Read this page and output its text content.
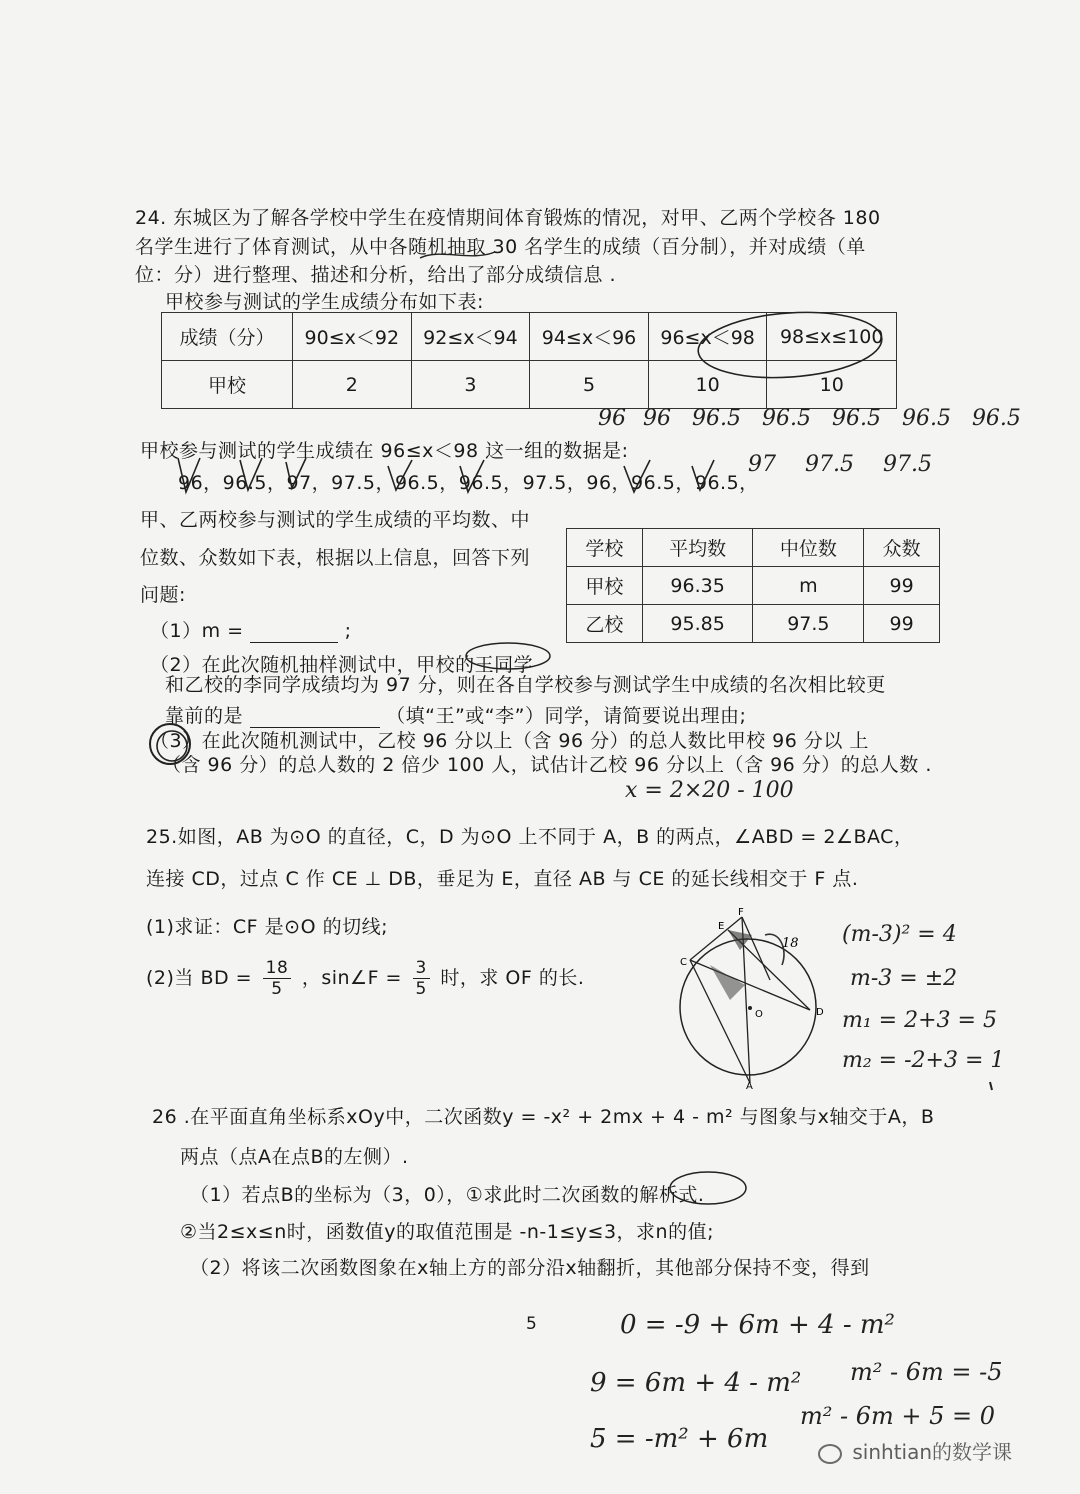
24. 东城区为了解各学校中学生在疫情期间体育锻炼的情况，对甲、乙两个学校各 180
名学生进行了体育测试，从中各随机抽取 30 名学生的成绩（百分制），并对成绩（单
位：分）进行整理、描述和分析，给出了部分成绩信息 .
甲校参与测试的学生成绩分布如下表:
成绩（分）	90≤x＜92	92≤x＜94	94≤x＜96	96≤x＜98	98≤x≤100
甲校	2	3	5	10	10
甲校参与测试的学生成绩在 96≤x＜98 这一组的数据是:
96，96.5，97，97.5，96.5，96.5，97.5，96，96.5，96.5，
甲、乙两校参与测试的学生成绩的平均数、中
位数、众数如下表，根据以上信息，回答下列
问题:
学校	平均数	中位数	众数
甲校	96.35	m	99
乙校	95.85	97.5	99
（1）m =	;
（2）在此次随机抽样测试中，甲校的王同学
和乙校的李同学成绩均为 97 分，则在各自学校参与测试学生中成绩的名次相比较更
靠前的是	（填“王”或“李”）同学，请简要说出理由;
（3）在此次随机测试中，乙校 96 分以上（含 96 分）的总人数比甲校 96 分以 上
（含 96 分）的总人数的 2 倍少 100 人，试估计乙校 96 分以上（含 96 分）的总人数 .
25.如图，AB 为⊙O 的直径，C，D 为⊙O 上不同于 A，B 的两点，∠ABD = 2∠BAC，
连接 CD，过点 C 作 CE ⊥ DB，垂足为 E，直径 AB 与 CE 的延长线相交于 F 点.
(1)求证：CF 是⊙O 的切线;
(2)当 BD = $\frac{18}{5}$ ，sin∠F = $\frac{3}{5}$ 时，求 OF 的长.
F
E
C
O	D
A
18
26 .在平面直角坐标系xOy中，二次函数y = -x² + 2mx + 4 - m² 与图象与x轴交于A，B
两点（点A在点B的左侧）.
（1）若点B的坐标为（3，0），①求此时二次函数的解析式.
②当2≤x≤n时，函数值y的取值范围是 -n-1≤y≤3，求n的值;
（2）将该二次函数图象在x轴上方的部分沿x轴翻折，其他部分保持不变，得到
5
96 96 96.5 96.5 96.5 96.5 96.5
97 97.5 97.5
x = 2×20 - 100
(m-3)² = 4
m-3 = ±2
m₁ = 2+3 = 5
m₂ = -2+3 = 1
0 = -9 + 6m + 4 - m²
9 = 6m + 4 - m²
5 = -m² + 6m
m² - 6m = -5
m² - 6m + 5 = 0
sinhtian的数学课
